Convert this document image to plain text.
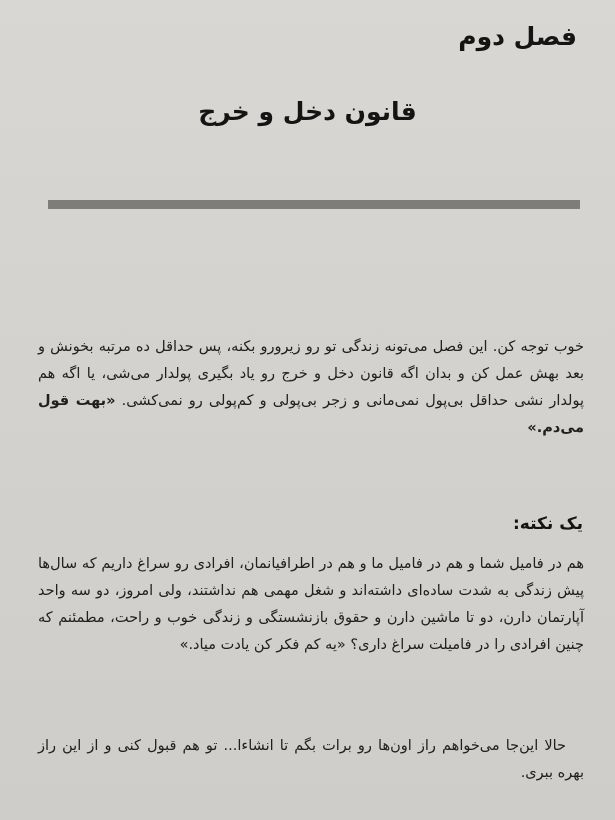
فصل دوم
قانون دخل و خرج

خوب توجه کن. این فصل می‌تونه زندگی تو رو زیرورو بکنه، پس حداقل ده مرتبه بخونش و بعد بهش عمل کن و بدان اگه قانون دخل و خرج رو یاد بگیری پولدار می‌شی، یا اگه هم پولدار نشی حداقل بی‌پول نمی‌مانی و زجر بی‌پولی و کم‌پولی رو نمی‌کشی. «بهت قول می‌دم.»

یک نکته:

هم در فامیل شما و هم در فامیل ما و هم در اطرافیانمان، افرادی رو سراغ داریم که سال‌ها پیش زندگی به شدت ساده‌ای داشته‌اند و شغل مهمی هم نداشتند، ولی امروز، دو سه واحد آپارتمان دارن، دو تا ماشین دارن و حقوق بازنشستگی و زندگی خوب و راحت، مطمئنم که چنین افرادی را در فامیلت سراغ داری؟ «یه کم فکر کن یادت میاد.»

حالا این‌جا می‌خواهم راز اون‌ها رو برات بگم تا انشاءا... تو هم قبول کنی و از این راز بهره ببری.
